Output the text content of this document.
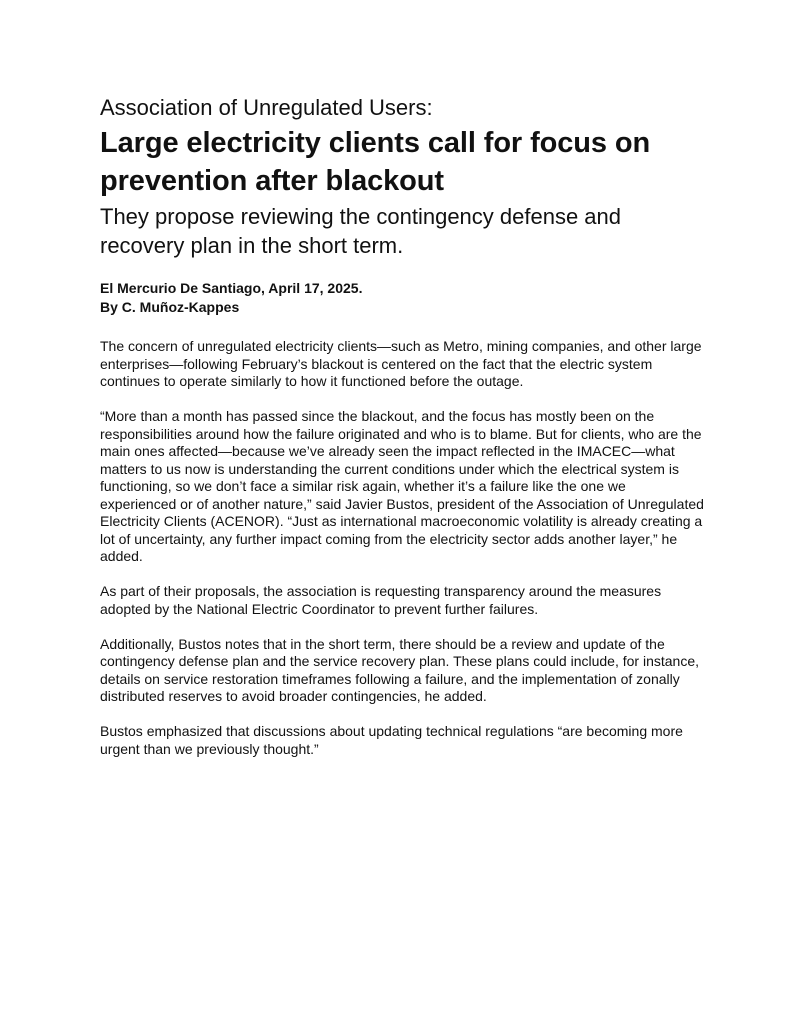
Association of Unregulated Users:
Large electricity clients call for focus on prevention after blackout
They propose reviewing the contingency defense and recovery plan in the short term.

El Mercurio De Santiago, April 17, 2025.

By C. Muñoz-Kappes

The concern of unregulated electricity clients—such as Metro, mining companies, and other large enterprises—following February’s blackout is centered on the fact that the electric system continues to operate similarly to how it functioned before the outage.

“More than a month has passed since the blackout, and the focus has mostly been on the responsibilities around how the failure originated and who is to blame. But for clients, who are the main ones affected—because we’ve already seen the impact reflected in the IMACEC—what matters to us now is understanding the current conditions under which the electrical system is functioning, so we don’t face a similar risk again, whether it’s a failure like the one we experienced or of another nature,” said Javier Bustos, president of the Association of Unregulated Electricity Clients (ACENOR). “Just as international macroeconomic volatility is already creating a lot of uncertainty, any further impact coming from the electricity sector adds another layer,” he added.

As part of their proposals, the association is requesting transparency around the measures adopted by the National Electric Coordinator to prevent further failures.

Additionally, Bustos notes that in the short term, there should be a review and update of the contingency defense plan and the service recovery plan. These plans could include, for instance, details on service restoration timeframes following a failure, and the implementation of zonally distributed reserves to avoid broader contingencies, he added.

Bustos emphasized that discussions about updating technical regulations “are becoming more urgent than we previously thought.”
